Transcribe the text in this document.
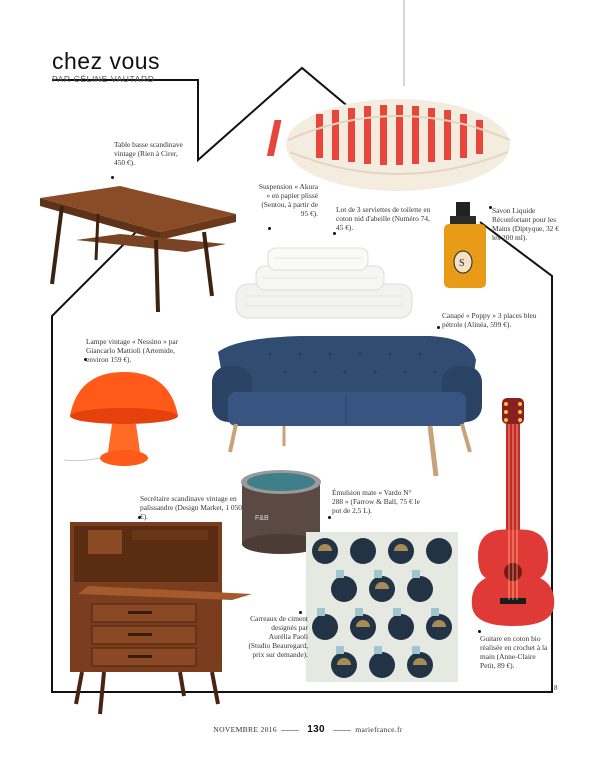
S
F&B
chez vous
PAR CÉLINE VAUTARD
Table basse scandinave vintage (Rien à Cirer, 450 €).
Suspension « Akura » en papier plissé (Sentou, à partir de 95 €). Lot de 3 serviettes de toilette en coton nid d'abeille (Numéro 74, 45 €).
Savon Liquide Réconfortant pour les Mains (Diptyque, 32 € les 200 ml).
Canapé « Poppy » 3 places bleu pétrole (Alinéa, 599 €).
Lampe vintage « Nessino » par Giancarlo Mattioli (Artemide, environ 159 €).
Secrétaire scandinave vintage en palissandre (Design Market, 1 050 €).
Émulsion mate « Vardo N° 288 » (Farrow & Ball, 75 € le pot de 2,5 L).
Carreaux de ciment designés par Aurélia Paoli (Studio Beauregard, prix sur demande).
Guitare en coton bio réalisée en crochet à la main (Anne-Claire Petit, 89 €).
8
NOVEMBRE 2016	130	mariefrance.fr
